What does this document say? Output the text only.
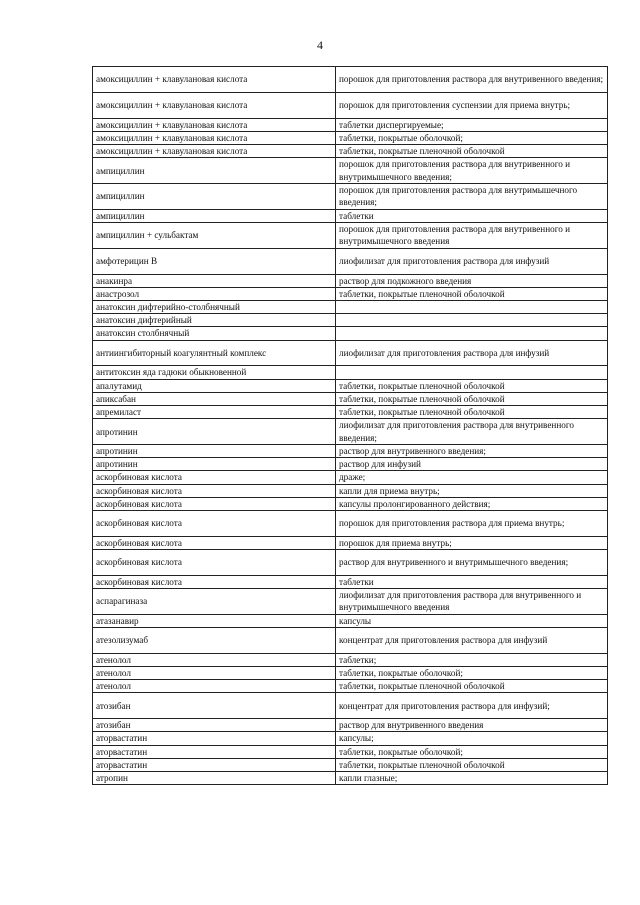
4
амоксициллин + клавулановая кислота	порошок для приготовления раствора для внутривенного введения;
амоксициллин + клавулановая кислота	порошок для приготовления суспензии для приема внутрь;
амоксициллин + клавулановая кислота	таблетки диспергируемые;
амоксициллин + клавулановая кислота	таблетки, покрытые оболочкой;
амоксициллин + клавулановая кислота	таблетки, покрытые пленочной оболочкой
ампициллин	порошок для приготовления раствора для внутривенного и внутримышечного введения;
ампициллин	порошок для приготовления раствора для внутримышечного введения;
ампициллин	таблетки
ампициллин + сульбактам	порошок для приготовления раствора для внутривенного и внутримышечного введения
амфотерицин В	лиофилизат для приготовления раствора для инфузий
анакинра	раствор для подкожного введения
анастрозол	таблетки, покрытые пленочной оболочкой
анатоксин дифтерийно-столбнячный	
анатоксин дифтерийный	
анатоксин столбнячный	
антиингибиторный коагулянтный комплекс	лиофилизат для приготовления раствора для инфузий
антитоксин яда гадюки обыкновенной	
апалутамид	таблетки, покрытые пленочной оболочкой
апиксабан	таблетки, покрытые пленочной оболочкой
апремиласт	таблетки, покрытые пленочной оболочкой
апротинин	лиофилизат для приготовления раствора для внутривенного введения;
апротинин	раствор для внутривенного введения;
апротинин	раствор для инфузий
аскорбиновая кислота	драже;
аскорбиновая кислота	капли для приема внутрь;
аскорбиновая кислота	капсулы пролонгированного действия;
аскорбиновая кислота	порошок для приготовления раствора для приема внутрь;
аскорбиновая кислота	порошок для приема внутрь;
аскорбиновая кислота	раствор для внутривенного и внутримышечного введения;
аскорбиновая кислота	таблетки
аспарагиназа	лиофилизат для приготовления раствора для внутривенного и внутримышечного введения
атазанавир	капсулы
атезолизумаб	концентрат для приготовления раствора для инфузий
атенолол	таблетки;
атенолол	таблетки, покрытые оболочкой;
атенолол	таблетки, покрытые пленочной оболочкой
атозибан	концентрат для приготовления раствора для инфузий;
атозибан	раствор для внутривенного введения
аторвастатин	капсулы;
аторвастатин	таблетки, покрытые оболочкой;
аторвастатин	таблетки, покрытые пленочной оболочкой
атропин	капли глазные;
